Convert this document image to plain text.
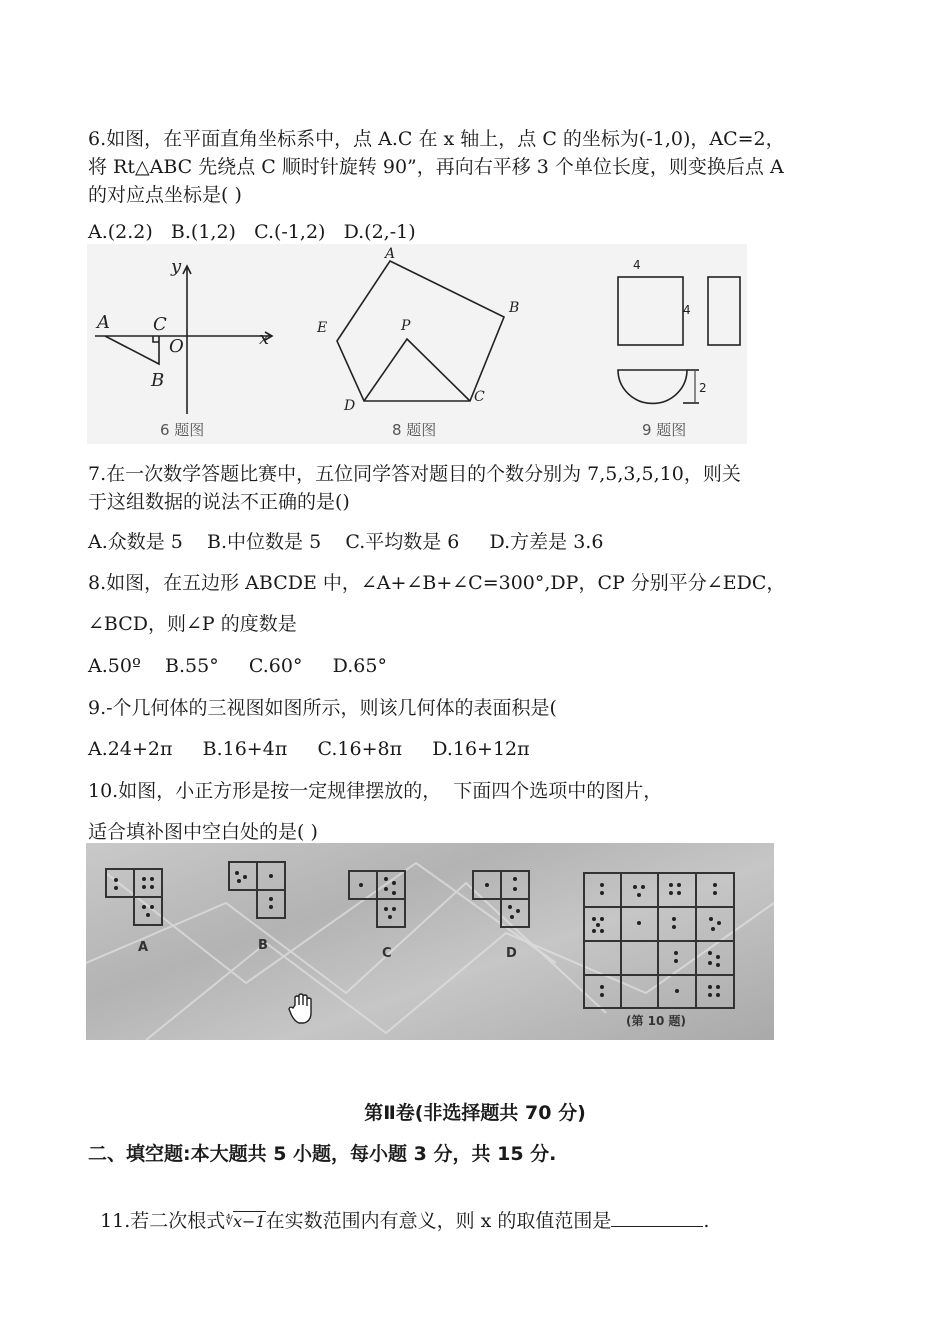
6.如图，在平面直角坐标系中，点 A.C 在 x 轴上，点 C 的坐标为(-1,0)，AC=2，
将 Rt△ABC 先绕点 C 顺时针旋转 90”，再向右平移 3 个单位长度，则变换后点 A
的对应点坐标是( )
A.(2.2)   B.(1,2)   C.(-1,2)   D.(2,-1)
y
x
A C
O
B
A
B
E	P
D
C
4
4
2
6 题图	8 题图	9 题图
7.在一次数学答题比赛中，五位同学答对题目的个数分别为 7,5,3,5,10，则关
于这组数据的说法不正确的是()
A.众数是 5    B.中位数是 5    C.平均数是 6     D.方差是 3.6
8.如图，在五边形 ABCDE 中，∠A+∠B+∠C=300°,DP，CP 分别平分∠EDC，
∠BCD，则∠P 的度数是
A.50º    B.55°     C.60°     D.65°
9.-个几何体的三视图如图所示，则该几何体的表面积是(
A.24+2π     B.16+4π     C.16+8π     D.16+12π
10.如图，小正方形是按一定规律摆放的，  下面四个选项中的图片，
适合填补图中空白处的是( )
A	B
C	D
(第 10 题)
第Ⅱ卷(非选择题共 70 分)
二、填空题:本大题共 5 小题，每小题 3 分，共 15 分.

11.若二次根式∜x−1在实数范围内有意义，则 x 的取值范围是	.
